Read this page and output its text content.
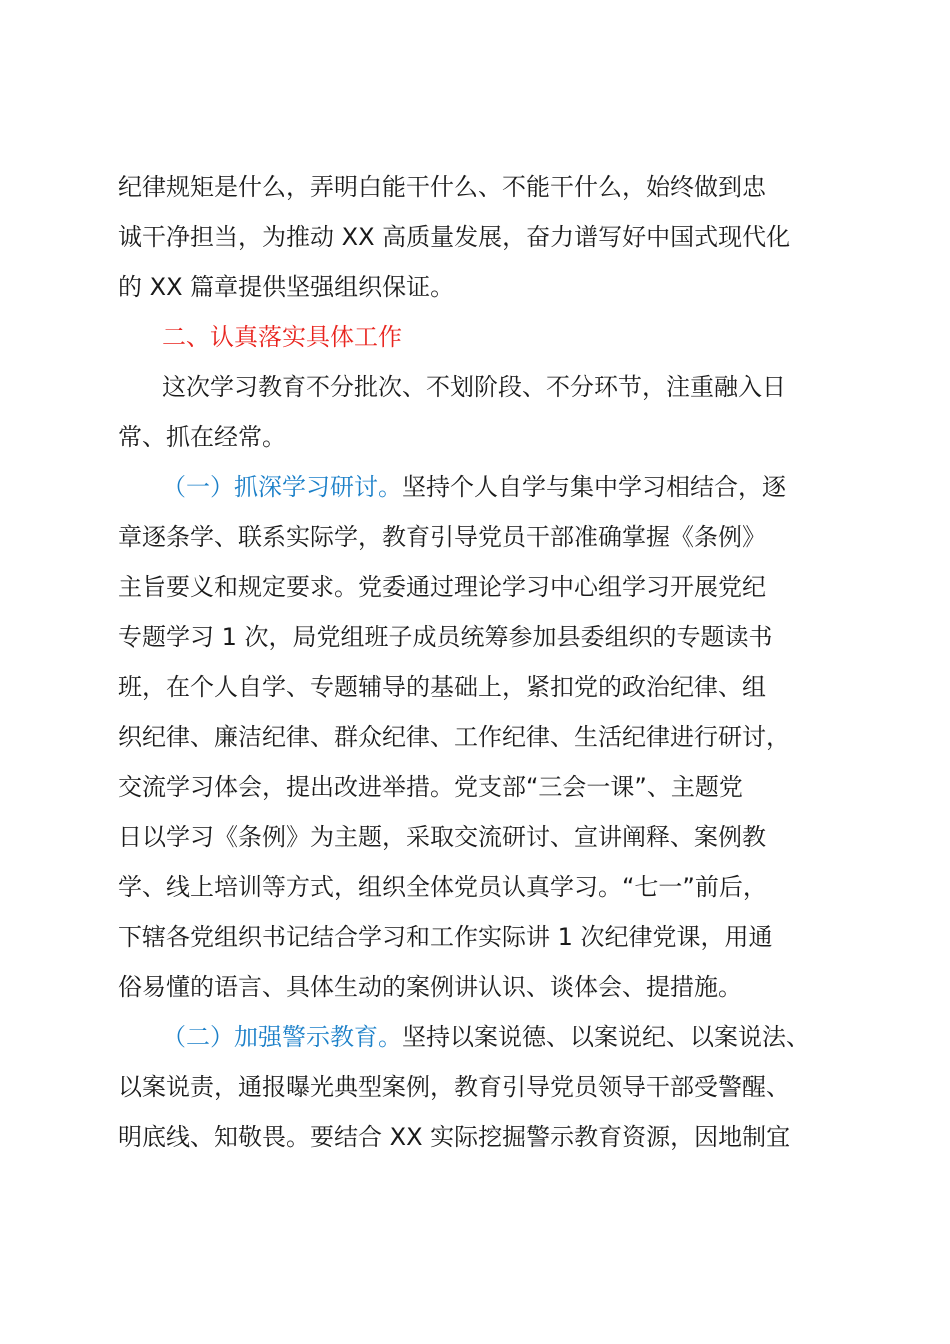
纪律规矩是什么，弄明白能干什么、不能干什么，始终做到忠
诚干净担当，为推动 XX 高质量发展，奋力谱写好中国式现代化
的 XX 篇章提供坚强组织保证。
二、认真落实具体工作
这次学习教育不分批次、不划阶段、不分环节，注重融入日
常、抓在经常。
（一）抓深学习研讨。坚持个人自学与集中学习相结合，逐
章逐条学、联系实际学，教育引导党员干部准确掌握《条例》
主旨要义和规定要求。党委通过理论学习中心组学习开展党纪
专题学习 1 次，局党组班子成员统筹参加县委组织的专题读书
班，在个人自学、专题辅导的基础上，紧扣党的政治纪律、组
织纪律、廉洁纪律、群众纪律、工作纪律、生活纪律进行研讨，
交流学习体会，提出改进举措。党支部“三会一课”、主题党
日以学习《条例》为主题，采取交流研讨、宣讲阐释、案例教
学、线上培训等方式，组织全体党员认真学习。“七一”前后，
下辖各党组织书记结合学习和工作实际讲 1 次纪律党课，用通
俗易懂的语言、具体生动的案例讲认识、谈体会、提措施。
（二）加强警示教育。坚持以案说德、以案说纪、以案说法、
以案说责，通报曝光典型案例，教育引导党员领导干部受警醒、
明底线、知敬畏。要结合 XX 实际挖掘警示教育资源，因地制宜
